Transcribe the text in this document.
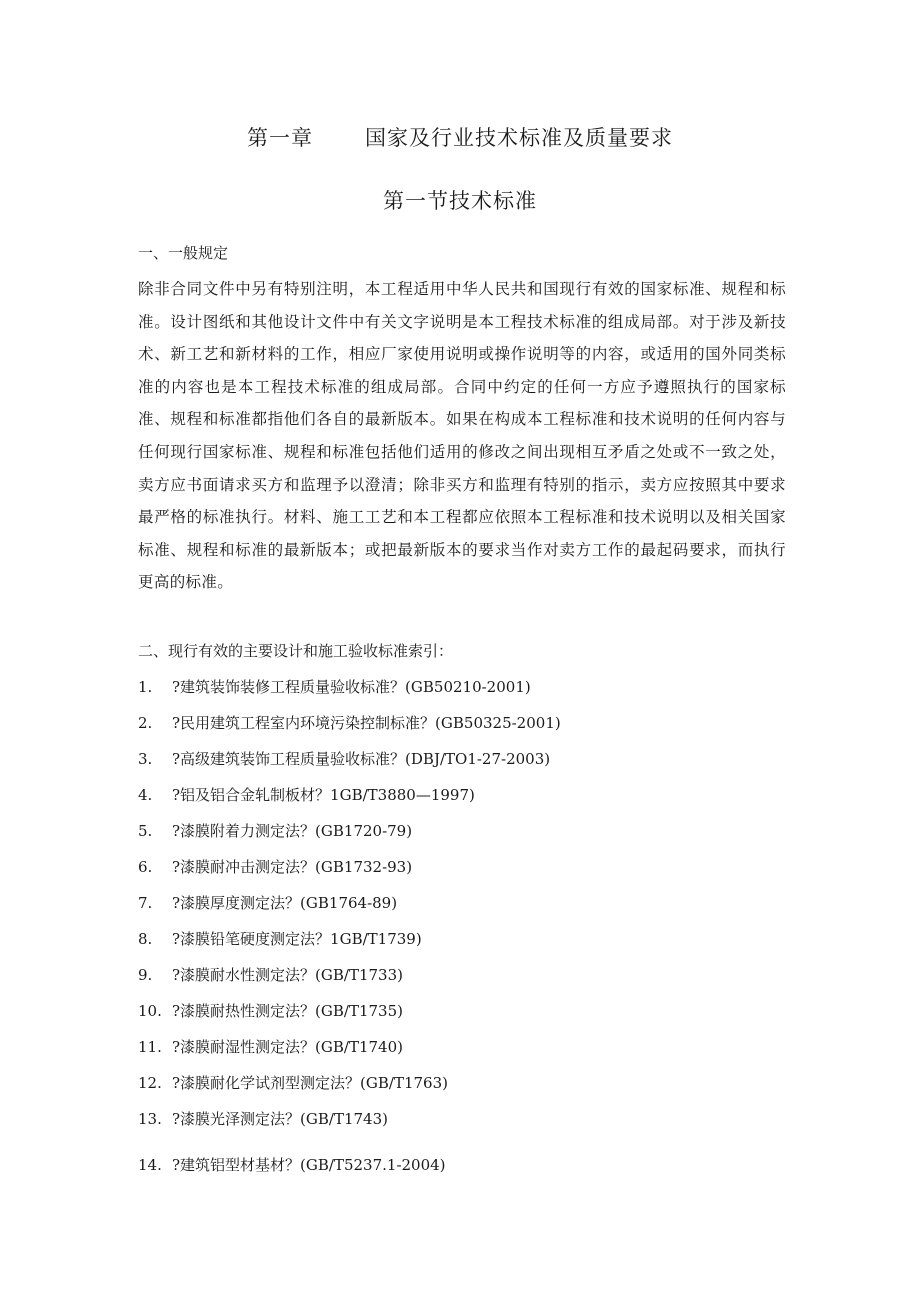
第一章 国家及行业技术标准及质量要求
第一节技术标准
一、一般规定
除非合同文件中另有特别注明，本工程适用中华人民共和国现行有效的国家标准、规程和标准。设计图纸和其他设计文件中有关文字说明是本工程技术标准的组成局部。对于涉及新技术、新工艺和新材料的工作，相应厂家使用说明或操作说明等的内容，或适用的国外同类标准的内容也是本工程技术标准的组成局部。合同中约定的任何一方应予遵照执行的国家标准、规程和标准都指他们各自的最新版本。如果在构成本工程标准和技术说明的任何内容与任何现行国家标准、规程和标准包括他们适用的修改之间出现相互矛盾之处或不一致之处，卖方应书面请求买方和监理予以澄清；除非买方和监理有特别的指示，卖方应按照其中要求最严格的标准执行。材料、施工工艺和本工程都应依照本工程标准和技术说明以及相关国家标准、规程和标准的最新版本；或把最新版本的要求当作对卖方工作的最起码要求，而执行更高的标准。
二、现行有效的主要设计和施工验收标准索引：
1. ?建筑装饰装修工程质量验收标准？(GB50210-2001)
2. ?民用建筑工程室内环境污染控制标准？(GB50325-2001)
3. ?高级建筑装饰工程质量验收标准？(DBJ/TO1-27-2003)
4. ?铝及铝合金轧制板材？1GB/T3880—1997)
5. ?漆膜附着力测定法？(GB1720-79)
6. ?漆膜耐冲击测定法？(GB1732-93)
7. ?漆膜厚度测定法？(GB1764-89)
8. ?漆膜铅笔硬度测定法？1GB/T1739)
9. ?漆膜耐水性测定法？(GB/T1733)
10. ?漆膜耐热性测定法？(GB/T1735)
11. ?漆膜耐湿性测定法？(GB/T1740)
12. ?漆膜耐化学试剂型测定法？(GB/T1763)
13. ?漆膜光泽测定法？(GB/T1743)
14. ?建筑铝型材基材？(GB/T5237.1-2004)
